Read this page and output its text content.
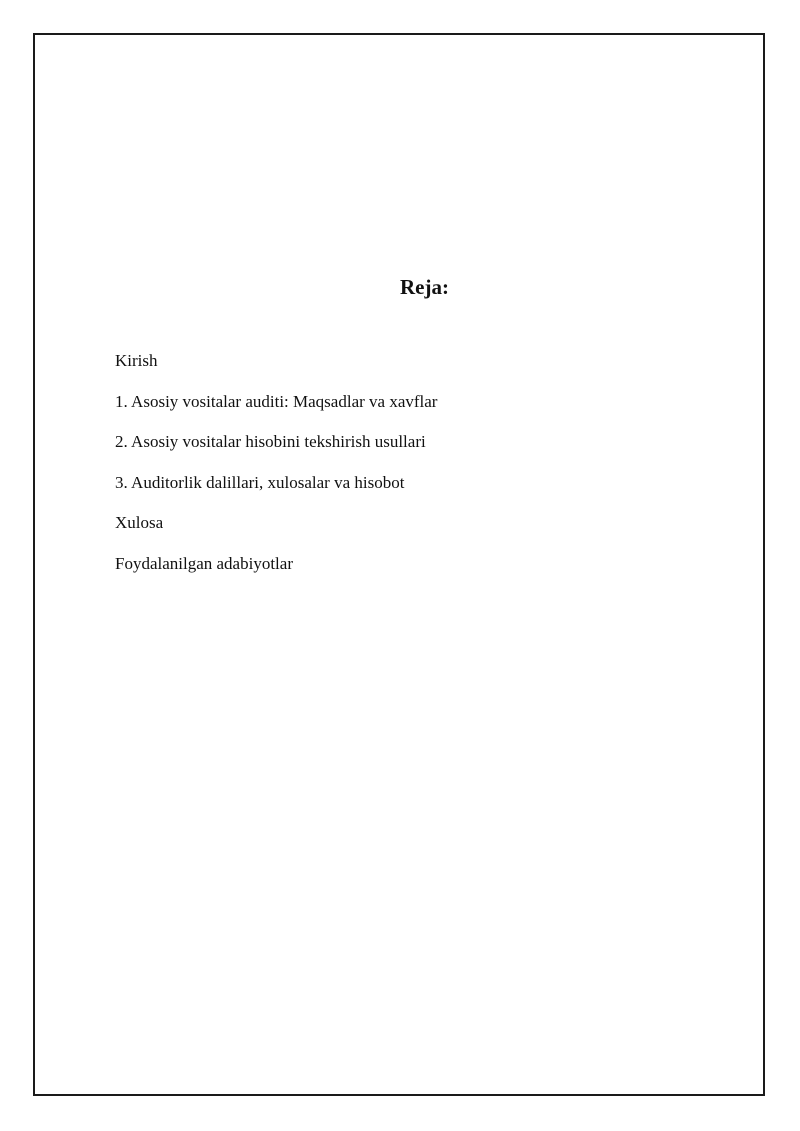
Reja:
Kirish
1. Asosiy vositalar auditi: Maqsadlar va xavflar
2. Asosiy vositalar hisobini tekshirish usullari
3. Auditorlik dalillari, xulosalar va hisobot
Xulosa
Foydalanilgan adabiyotlar
